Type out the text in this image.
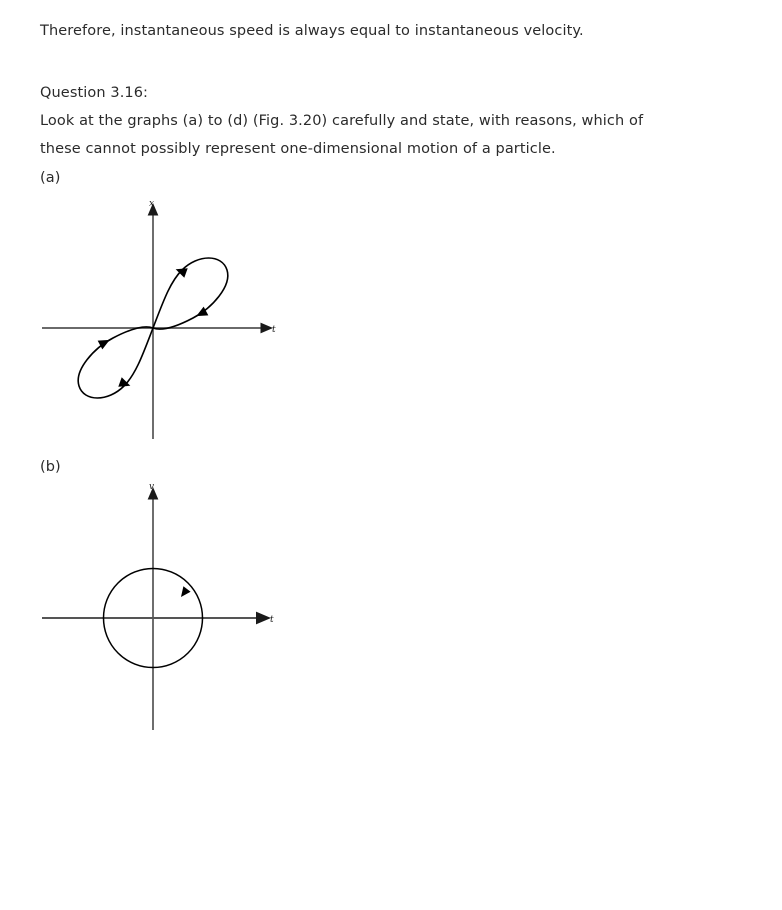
Therefore, instantaneous speed is always equal to instantaneous velocity.
Question 3.16:
Look at the graphs (a) to (d) (Fig. 3.20) carefully and state, with reasons, which of
these cannot possibly represent one-dimensional motion of a particle.
(a)
x
t
(b)
v
t
